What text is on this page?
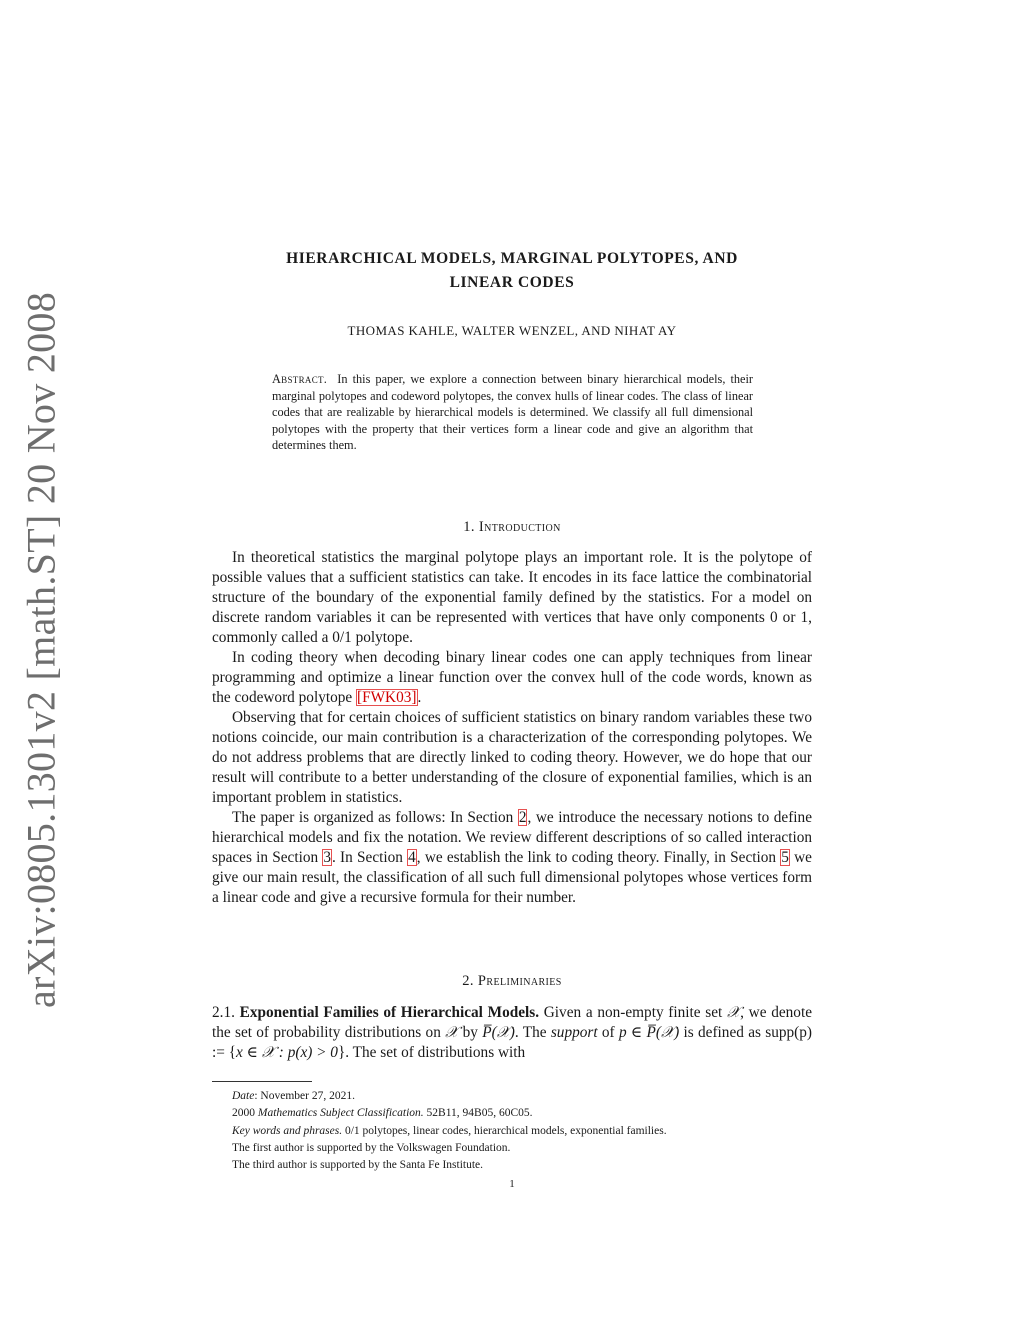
arXiv:0805.1301v2 [math.ST] 20 Nov 2008
HIERARCHICAL MODELS, MARGINAL POLYTOPES, AND
LINEAR CODES
THOMAS KAHLE, WALTER WENZEL, AND NIHAT AY
Abstract. In this paper, we explore a connection between binary hierarchical models, their marginal polytopes and codeword polytopes, the convex hulls of linear codes. The class of linear codes that are realizable by hierarchical models is determined. We classify all full dimensional polytopes with the property that their vertices form a linear code and give an algorithm that determines them.
1. Introduction

In theoretical statistics the marginal polytope plays an important role. It is the polytope of possible values that a sufficient statistics can take. It encodes in its face lattice the combinatorial structure of the boundary of the exponential family defined by the statistics. For a model on discrete random variables it can be represented with vertices that have only components 0 or 1, commonly called a 0/1 polytope.

In coding theory when decoding binary linear codes one can apply techniques from linear programming and optimize a linear function over the convex hull of the code words, known as the codeword polytope [FWK03].

Observing that for certain choices of sufficient statistics on binary random variables these two notions coincide, our main contribution is a characterization of the corresponding polytopes. We do not address problems that are directly linked to coding theory. However, we do hope that our result will contribute to a better understanding of the closure of exponential families, which is an important problem in statistics.

The paper is organized as follows: In Section 2, we introduce the necessary notions to define hierarchical models and fix the notation. We review different descriptions of so called interaction spaces in Section 3. In Section 4, we establish the link to coding theory. Finally, in Section 5 we give our main result, the classification of all such full dimensional polytopes whose vertices form a linear code and give a recursive formula for their number.

2. Preliminaries

2.1. Exponential Families of Hierarchical Models. Given a non-empty finite set 𝒳, we denote the set of probability distributions on 𝒳 by P̅(𝒳). The support of p ∈ P̅(𝒳) is defined as supp(p) := {x ∈ 𝒳 : p(x) > 0}. The set of distributions with

Date: November 27, 2021.
2000 Mathematics Subject Classification. 52B11, 94B05, 60C05.
Key words and phrases. 0/1 polytopes, linear codes, hierarchical models, exponential families.
The first author is supported by the Volkswagen Foundation.
The third author is supported by the Santa Fe Institute.
1
